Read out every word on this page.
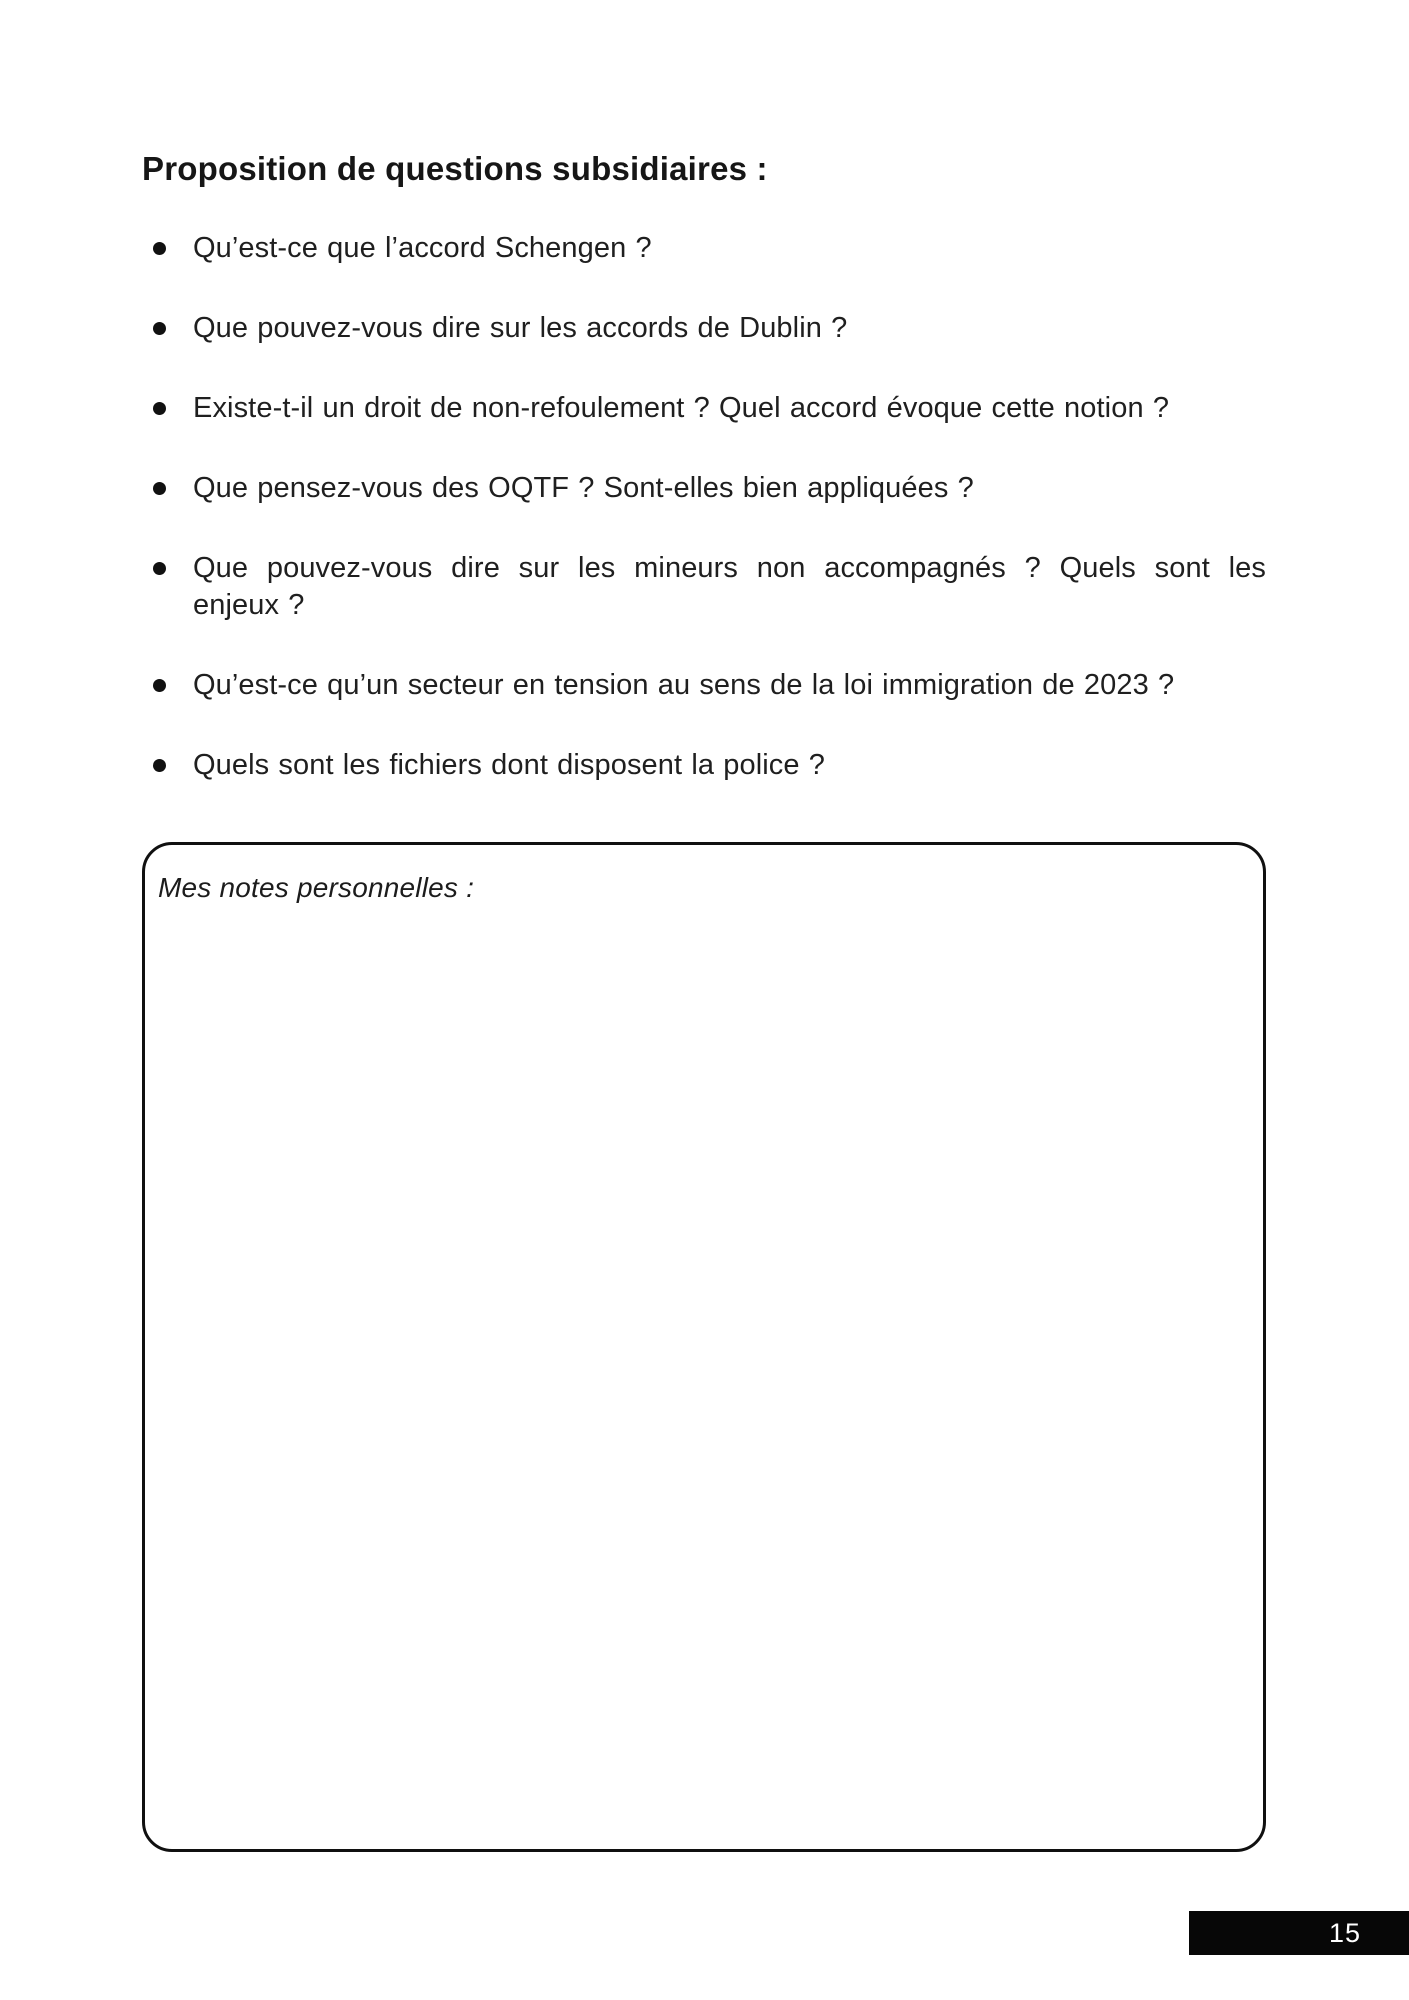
Proposition de questions subsidiaires :
Qu’est-ce que l’accord Schengen ?
Que pouvez-vous dire sur les accords de Dublin ?
Existe-t-il un droit de non-refoulement ? Quel accord évoque cette notion ?
Que pensez-vous des OQTF ? Sont-elles bien appliquées ?
Que pouvez-vous dire sur les mineurs non accompagnés ? Quels sont les enjeux ?
Qu’est-ce qu’un secteur en tension au sens de la loi immigration de 2023 ?
Quels sont les fichiers dont disposent la police ?
Mes notes personnelles :
15
